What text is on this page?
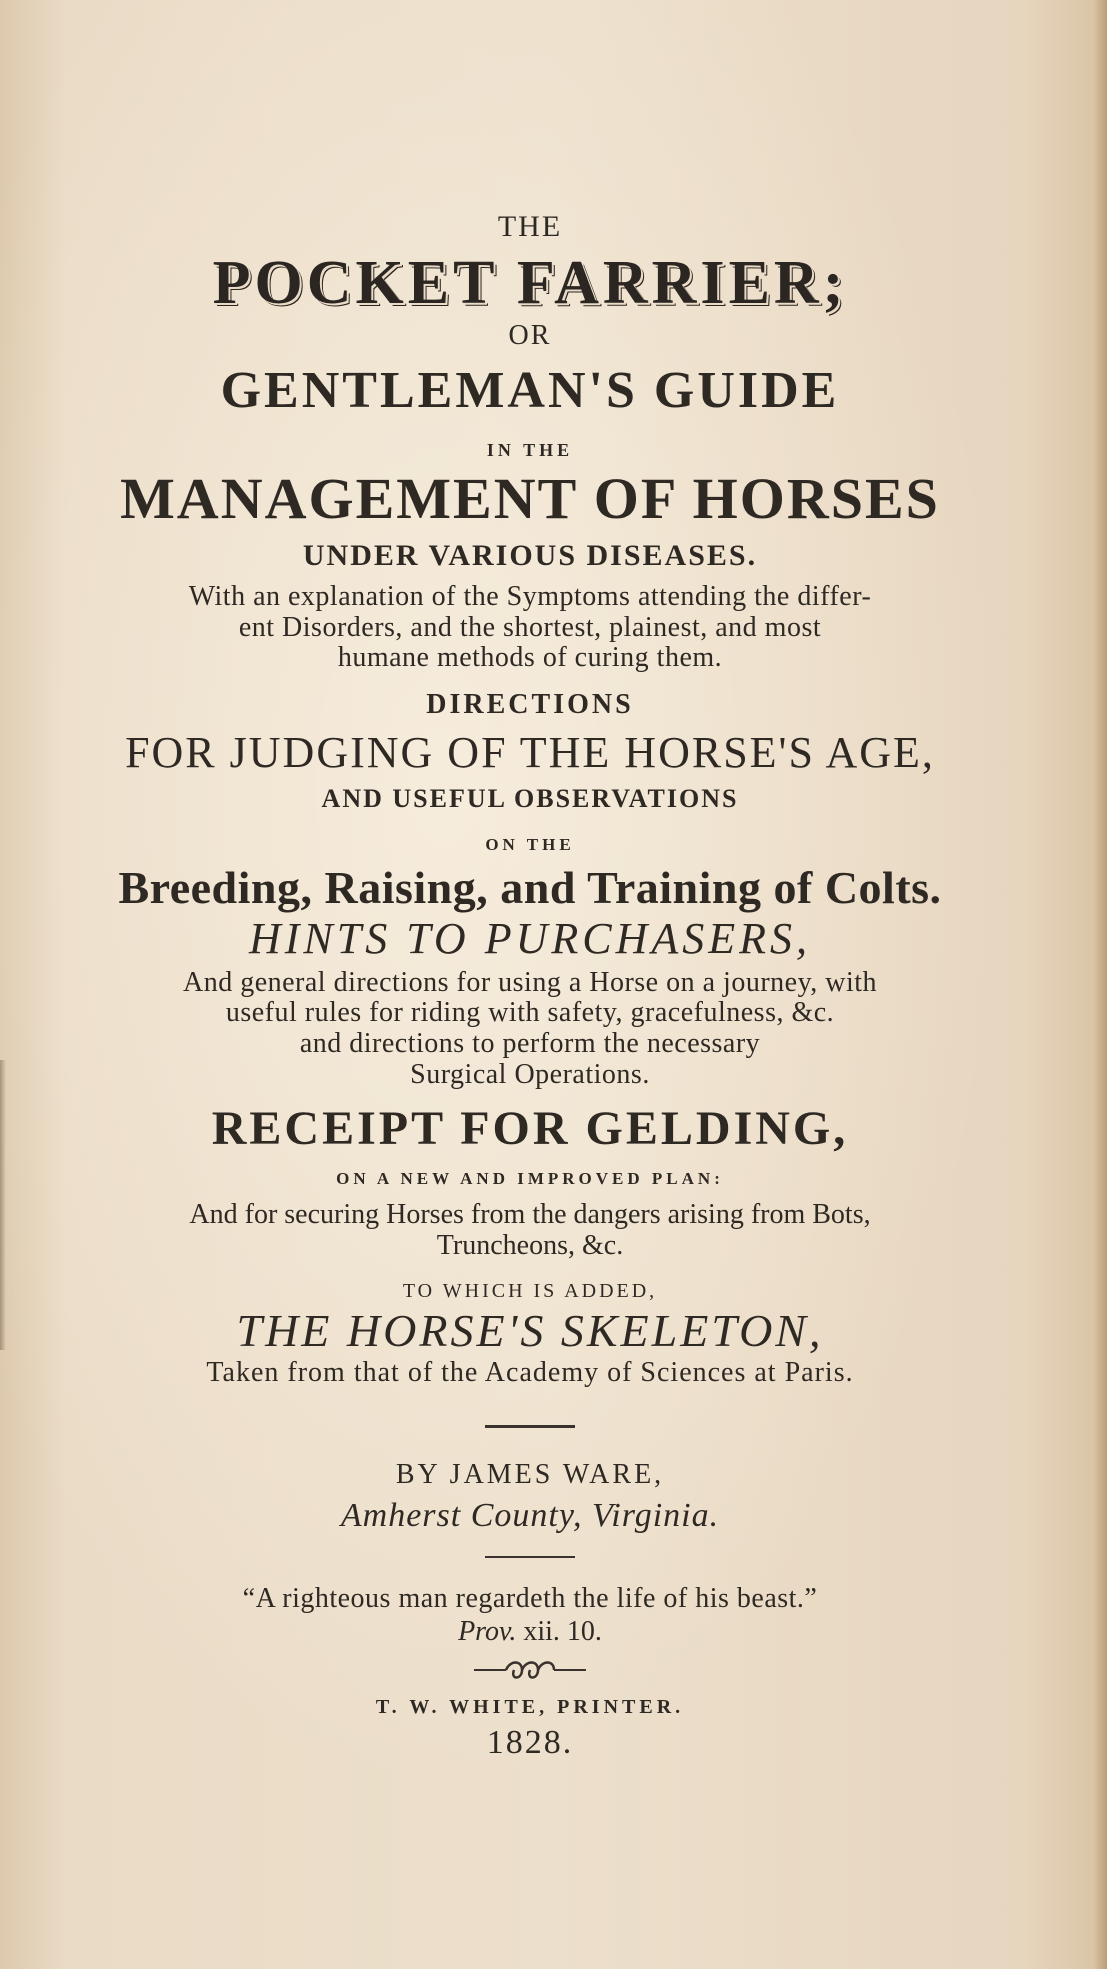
THE
POCKET FARRIER;
OR
GENTLEMAN'S GUIDE
IN THE
MANAGEMENT OF HORSES
UNDER VARIOUS DISEASES.
With an explanation of the Symptoms attending the differ-
ent Disorders, and the shortest, plainest, and most
humane methods of curing them.
DIRECTIONS
FOR JUDGING OF THE HORSE'S AGE,
AND USEFUL OBSERVATIONS
ON THE
Breeding, Raising, and Training of Colts.
HINTS TO PURCHASERS,
And general directions for using a Horse on a journey, with
useful rules for riding with safety, gracefulness, &c.
and directions to perform the necessary
Surgical Operations.
RECEIPT FOR GELDING,
ON A NEW AND IMPROVED PLAN:
And for securing Horses from the dangers arising from Bots,
Truncheons, &c.
TO WHICH IS ADDED,
THE HORSE'S SKELETON,
Taken from that of the Academy of Sciences at Paris.
BY JAMES WARE,
Amherst County, Virginia.
“A righteous man regardeth the life of his beast.”
Prov. xii. 10.
T. W. WHITE, PRINTER.
1828.
